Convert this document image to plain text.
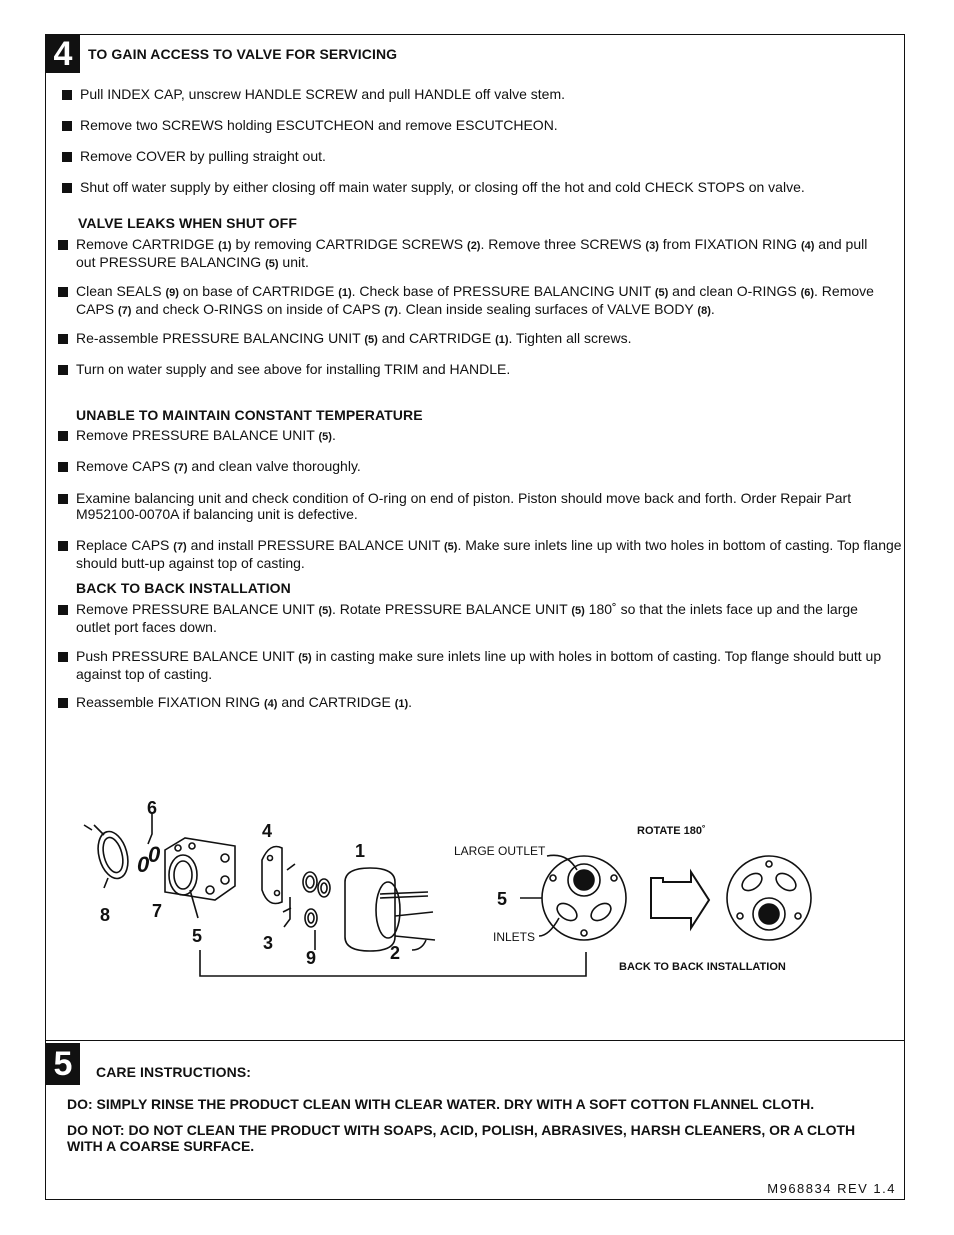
4	TO GAIN ACCESS TO VALVE FOR SERVICING
Pull INDEX CAP, unscrew HANDLE SCREW and pull HANDLE off valve stem.
Remove two SCREWS holding ESCUTCHEON and remove ESCUTCHEON.
Remove COVER by pulling straight out.
Shut off water supply by either closing off main water supply, or closing off the hot and cold CHECK STOPS on valve.
VALVE LEAKS WHEN SHUT OFF
Remove CARTRIDGE (1) by removing CARTRIDGE SCREWS (2). Remove three SCREWS (3) from FIXATION RING (4) and pull out PRESSURE BALANCING (5) unit.
Clean SEALS (9) on base of CARTRIDGE (1). Check base of PRESSURE BALANCING UNIT (5) and clean O-RINGS (6). Remove CAPS (7) and check O-RINGS on inside of CAPS (7). Clean inside sealing surfaces of VALVE BODY (8).
Re-assemble PRESSURE BALANCING UNIT (5) and CARTRIDGE (1). Tighten all screws.
Turn on water supply and see above for installing TRIM and HANDLE.
UNABLE TO MAINTAIN CONSTANT TEMPERATURE
Remove PRESSURE BALANCE UNIT (5).
Remove CAPS (7) and clean valve thoroughly.
Examine balancing unit and check condition of O-ring on end of piston. Piston should move back and forth. Order Repair Part M952100-0070A if balancing unit is defective.
Replace CAPS (7) and install PRESSURE BALANCE UNIT (5). Make sure inlets line up with two holes in bottom of casting. Top flange should butt-up against top of casting.
BACK TO BACK INSTALLATION
Remove PRESSURE BALANCE UNIT (5). Rotate PRESSURE BALANCE UNIT (5) 180˚ so that the inlets face up and the large outlet port faces down.
Push PRESSURE BALANCE UNIT (5) in casting make sure inlets line up with holes in bottom of casting. Top flange should butt up against top of casting.
Reassemble FIXATION RING (4) and CARTRIDGE (1).
6
4
1
8 7
5	3
9	2
0
0
5
LARGE OUTLET
INLETS
ROTATE 180˚
BACK TO BACK INSTALLATION
5	CARE INSTRUCTIONS:
DO: SIMPLY RINSE THE PRODUCT CLEAN WITH CLEAR WATER. DRY WITH A SOFT COTTON FLANNEL CLOTH.
DO NOT: DO NOT CLEAN THE PRODUCT WITH SOAPS, ACID, POLISH, ABRASIVES, HARSH CLEANERS, OR A CLOTH WITH A COARSE SURFACE.
M968834 REV 1.4
